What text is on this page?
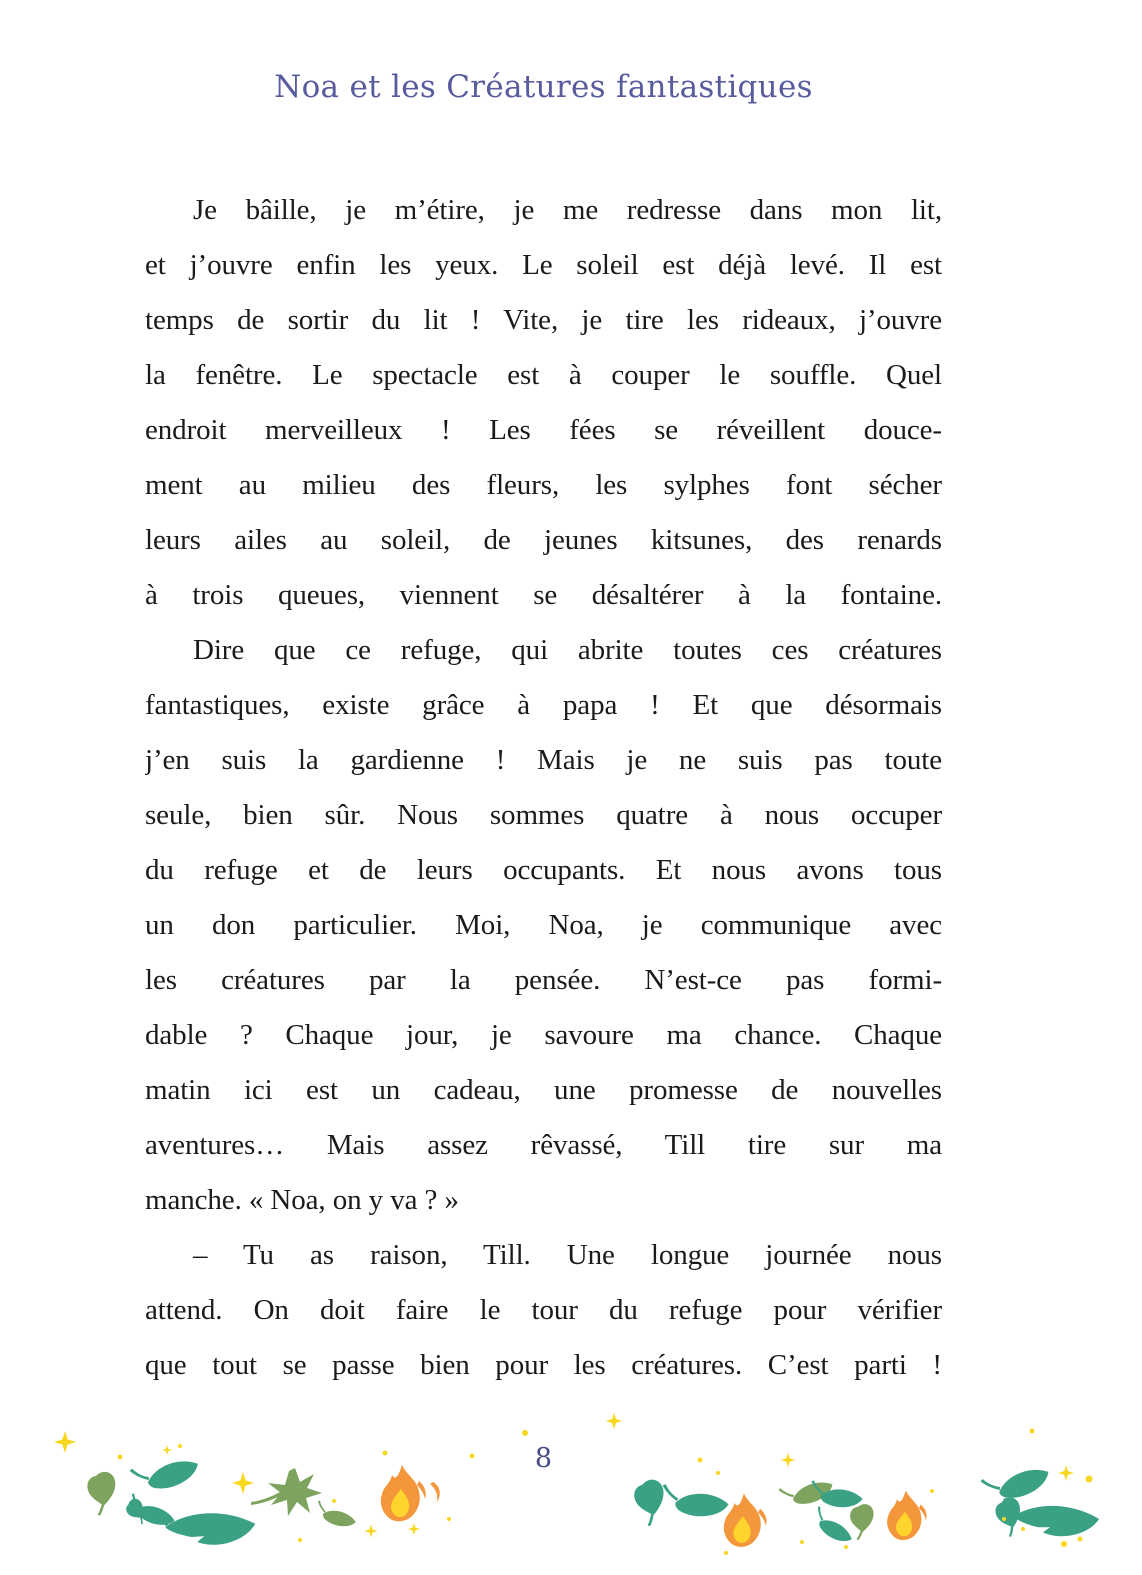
Noa et les Créatures fantastiques
Je bâille, je m’étire, je me redresse dans mon lit,
et j’ouvre enfin les yeux. Le soleil est déjà levé. Il est
temps de sortir du lit ! Vite, je tire les rideaux, j’ouvre
la fenêtre. Le spectacle est à couper le souffle. Quel
endroit merveilleux ! Les fées se réveillent douce-
ment au milieu des fleurs, les sylphes font sécher
leurs ailes au soleil, de jeunes kitsunes, des renards
à trois queues, viennent se désaltérer à la fontaine.
Dire que ce refuge, qui abrite toutes ces créatures
fantastiques, existe grâce à papa ! Et que désormais
j’en suis la gardienne ! Mais je ne suis pas toute
seule, bien sûr. Nous sommes quatre à nous occuper
du refuge et de leurs occupants. Et nous avons tous
un don particulier. Moi, Noa, je communique avec
les créatures par la pensée. N’est-ce pas formi-
dable ? Chaque jour, je savoure ma chance. Chaque
matin ici est un cadeau, une promesse de nouvelles
aventures… Mais assez rêvassé, Till tire sur ma
manche. « Noa, on y va ? »
– Tu as raison, Till. Une longue journée nous
attend. On doit faire le tour du refuge pour vérifier
que tout se passe bien pour les créatures. C’est parti !
8
